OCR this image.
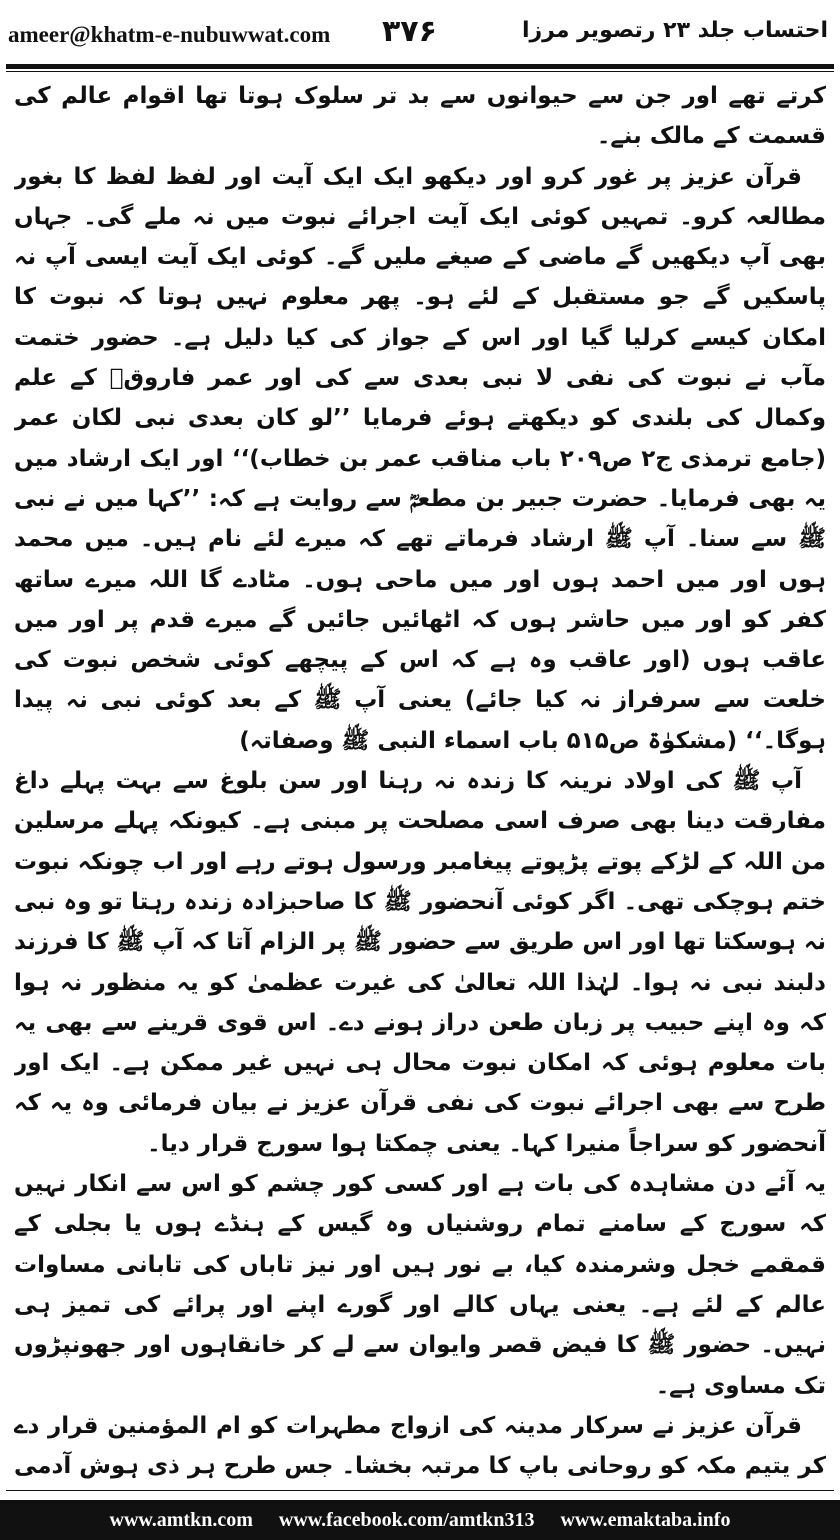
ameer@khatm-e-nubuwwat.com ۳۷۶	احتساب جلد ۲۳ رتصویر مرزا

کرتے تھے اور جن سے حیوانوں سے بد تر سلوک ہوتا تھا اقوام عالم کی قسمت کے مالک بنے۔

قرآن عزیز پر غور کرو اور دیکھو ایک ایک آیت اور لفظ لفظ کا بغور مطالعہ کرو۔ تمہیں کوئی ایک آیت اجرائے نبوت میں نہ ملے گی۔ جہاں بھی آپ دیکھیں گے ماضی کے صیغے ملیں گے۔ کوئی ایک آیت ایسی آپ نہ پاسکیں گے جو مستقبل کے لئے ہو۔ پھر معلوم نہیں ہوتا کہ نبوت کا امکان کیسے کرلیا گیا اور اس کے جواز کی کیا دلیل ہے۔ حضور ختمت مآب نے نبوت کی نفی لا نبی بعدی سے کی اور عمر فاروقؓ کے علم وکمال کی بلندی کو دیکھتے ہوئے فرمایا ’’لو کان بعدی نبی لکان عمر (جامع ترمذی ج۲ ص۲۰۹ باب مناقب عمر بن خطاب)‘‘ اور ایک ارشاد میں یہ بھی فرمایا۔ حضرت جبیر بن مطعمؓ سے روایت ہے کہ: ’’کہا میں نے نبی ﷺ سے سنا۔ آپ ﷺ ارشاد فرماتے تھے کہ میرے لئے نام ہیں۔ میں محمد ہوں اور میں احمد ہوں اور میں ماحی ہوں۔ مٹادے گا اللہ میرے ساتھ کفر کو اور میں حاشر ہوں کہ اٹھائیں جائیں گے میرے قدم پر اور میں عاقب ہوں (اور عاقب وہ ہے کہ اس کے پیچھے کوئی شخص نبوت کی خلعت سے سرفراز نہ کیا جائے) یعنی آپ ﷺ کے بعد کوئی نبی نہ پیدا ہوگا۔‘‘ (مشکوٰۃ ص۵۱۵ باب اسماء النبی ﷺ وصفاتہ)

آپ ﷺ کی اولاد نرینہ کا زندہ نہ رہنا اور سن بلوغ سے بہت پہلے داغ مفارقت دینا بھی صرف اسی مصلحت پر مبنی ہے۔ کیونکہ پہلے مرسلین من اللہ کے لڑکے پوتے پڑپوتے پیغامبر ورسول ہوتے رہے اور اب چونکہ نبوت ختم ہوچکی تھی۔ اگر کوئی آنحضور ﷺ کا صاحبزادہ زندہ رہتا تو وہ نبی نہ ہوسکتا تھا اور اس طریق سے حضور ﷺ پر الزام آتا کہ آپ ﷺ کا فرزند دلبند نبی نہ ہوا۔ لہٰذا اللہ تعالیٰ کی غیرت عظمیٰ کو یہ منظور نہ ہوا کہ وہ اپنے حبیب پر زبان طعن دراز ہونے دے۔ اس قوی قرینے سے بھی یہ بات معلوم ہوئی کہ امکان نبوت محال ہی نہیں غیر ممکن ہے۔ ایک اور طرح سے بھی اجرائے نبوت کی نفی قرآن عزیز نے بیان فرمائی وہ یہ کہ آنحضور کو سراجاً منیرا کہا۔ یعنی چمکتا ہوا سورج قرار دیا۔

یہ آئے دن مشاہدہ کی بات ہے اور کسی کور چشم کو اس سے انکار نہیں کہ سورج کے سامنے تمام روشنیاں وہ گیس کے ہنڈے ہوں یا بجلی کے قمقمے خجل وشرمندہ کیا، بے نور ہیں اور نیز تاباں کی تابانی مساوات عالم کے لئے ہے۔ یعنی یہاں کالے اور گورے اپنے اور پرائے کی تمیز ہی نہیں۔ حضور ﷺ کا فیض قصر وایوان سے لے کر خانقاہوں اور جھونپڑوں تک مساوی ہے۔

قرآن عزیز نے سرکار مدینہ کی ازواج مطہرات کو ام المؤمنین قرار دے کر یتیم مکہ کو روحانی باپ کا مرتبہ بخشا۔ جس طرح ہر ذی ہوش آدمی

www.amtkn.com www.facebook.com/amtkn313 www.emaktaba.info
